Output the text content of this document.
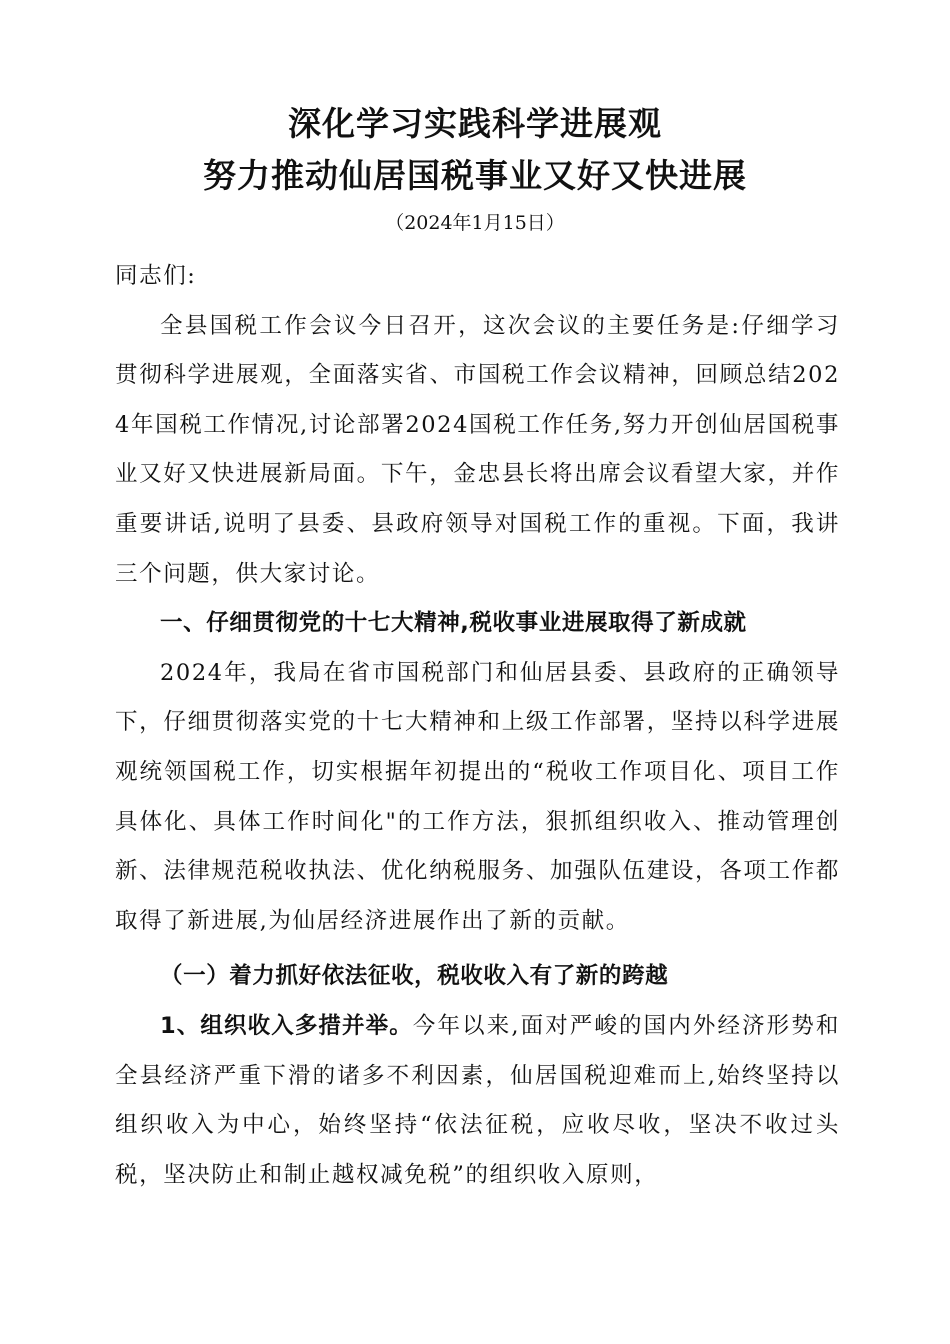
深化学习实践科学进展观
努力推动仙居国税事业又好又快进展
（2024年1月15日）

同志们:

全县国税工作会议今日召开，这次会议的主要任务是:仔细学习贯彻科学进展观，全面落实省、市国税工作会议精神，回顾总结2024年国税工作情况,讨论部署2024国税工作任务,努力开创仙居国税事业又好又快进展新局面。下午，金忠县长将出席会议看望大家，并作重要讲话,说明了县委、县政府领导对国税工作的重视。下面，我讲三个问题，供大家讨论。

一、仔细贯彻党的十七大精神,税收事业进展取得了新成就

2024年，我局在省市国税部门和仙居县委、县政府的正确领导下，仔细贯彻落实党的十七大精神和上级工作部署，坚持以科学进展观统领国税工作，切实根据年初提出的“税收工作项目化、项目工作具体化、具体工作时间化"的工作方法，狠抓组织收入、推动管理创新、法律规范税收执法、优化纳税服务、加强队伍建设，各项工作都取得了新进展,为仙居经济进展作出了新的贡献。

（一）着力抓好依法征收，税收收入有了新的跨越

1、组织收入多措并举。今年以来,面对严峻的国内外经济形势和全县经济严重下滑的诸多不利因素，仙居国税迎难而上,始终坚持以组织收入为中心，始终坚持“依法征税，应收尽收，坚决不收过头税，坚决防止和制止越权减免税”的组织收入原则，
